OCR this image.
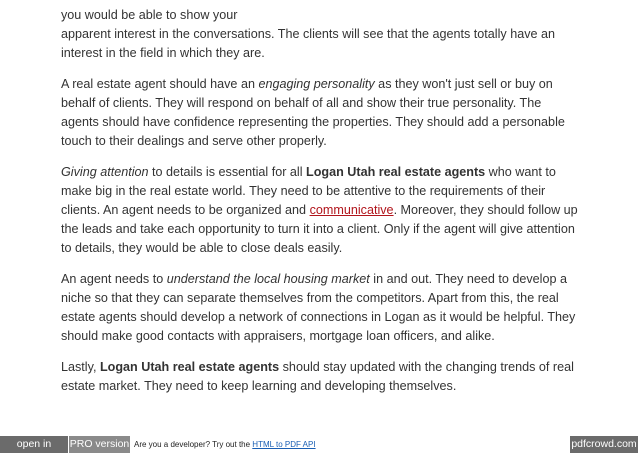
you would be able to show your
apparent interest in the conversations. The clients will see that the agents totally have an interest in the field in which they are.

A real estate agent should have an engaging personality as they won't just sell or buy on behalf of clients. They will respond on behalf of all and show their true personality. The agents should have confidence representing the properties. They should add a personable touch to their dealings and serve other properly.

Giving attention to details is essential for all Logan Utah real estate agents who want to make big in the real estate world. They need to be attentive to the requirements of their clients. An agent needs to be organized and communicative. Moreover, they should follow up the leads and take each opportunity to turn it into a client. Only if the agent will give attention to details, they would be able to close deals easily.

An agent needs to understand the local housing market in and out. They need to develop a niche so that they can separate themselves from the competitors. Apart from this, the real estate agents should develop a network of connections in Logan as it would be helpful. They should make good contacts with appraisers, mortgage loan officers, and alike.

Lastly, Logan Utah real estate agents should stay updated with the changing trends of real estate market. They need to keep learning and developing themselves.

open in browser
PRO version Are you a developer? Try out the HTML to PDF API	pdfcrowd.com
